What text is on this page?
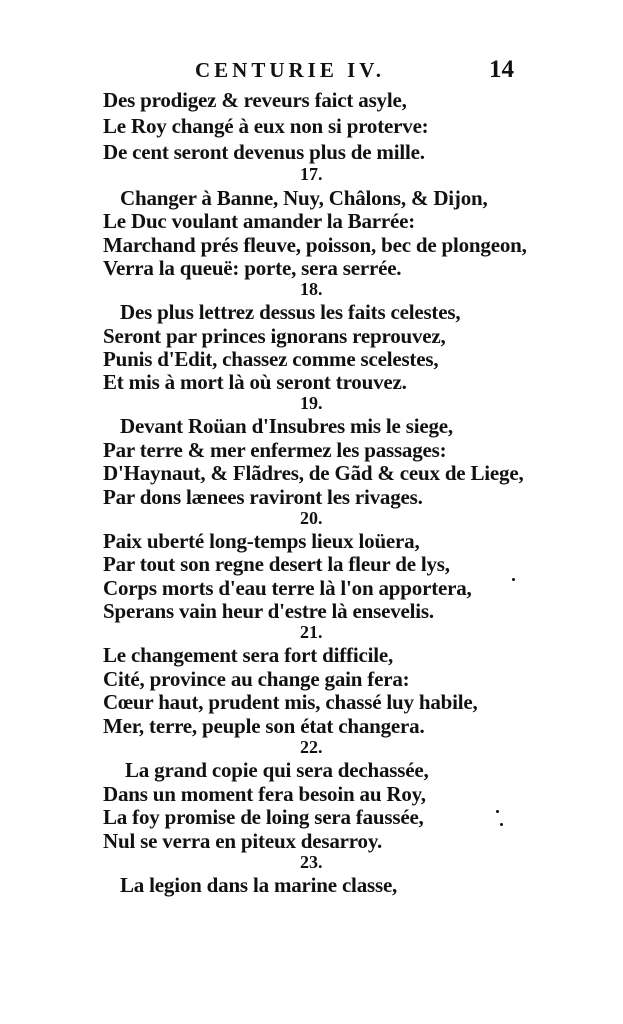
CENTURIE IV.	14
Des prodigez & reveurs faict asyle,
Le Roy changé à eux non si proterve:
De cent seront devenus plus de mille.
17.
Changer à Banne, Nuy, Châlons, & Dijon,
Le Duc voulant amander la Barrée:
Marchand prés fleuve, poisson, bec de plongeon,
Verra la queuë: porte, sera serrée.
18.
Des plus lettrez dessus les faits celestes,
Seront par princes ignorans reprouvez,
Punis d'Edit, chassez comme scelestes,
Et mis à mort là où seront trouvez.
19.
Devant Roüan d'Insubres mis le siege,
Par terre & mer enfermez les passages:
D'Haynaut, & Flãdres, de Gãd & ceux de Liege,
Par dons lænees raviront les rivages.
20.
Paix uberté long-temps lieux loüera,
Par tout son regne desert la fleur de lys,
Corps morts d'eau terre là l'on apportera,
Sperans vain heur d'estre là ensevelis.
21.
Le changement sera fort difficile,
Cité, province au change gain fera:
Cœur haut, prudent mis, chassé luy habile,
Mer, terre, peuple son état changera.
22.
La grand copie qui sera dechassée,
Dans un moment fera besoin au Roy,
La foy promise de loing sera faussée,
Nul se verra en piteux desarroy.
23.
La legion dans la marine classe,
